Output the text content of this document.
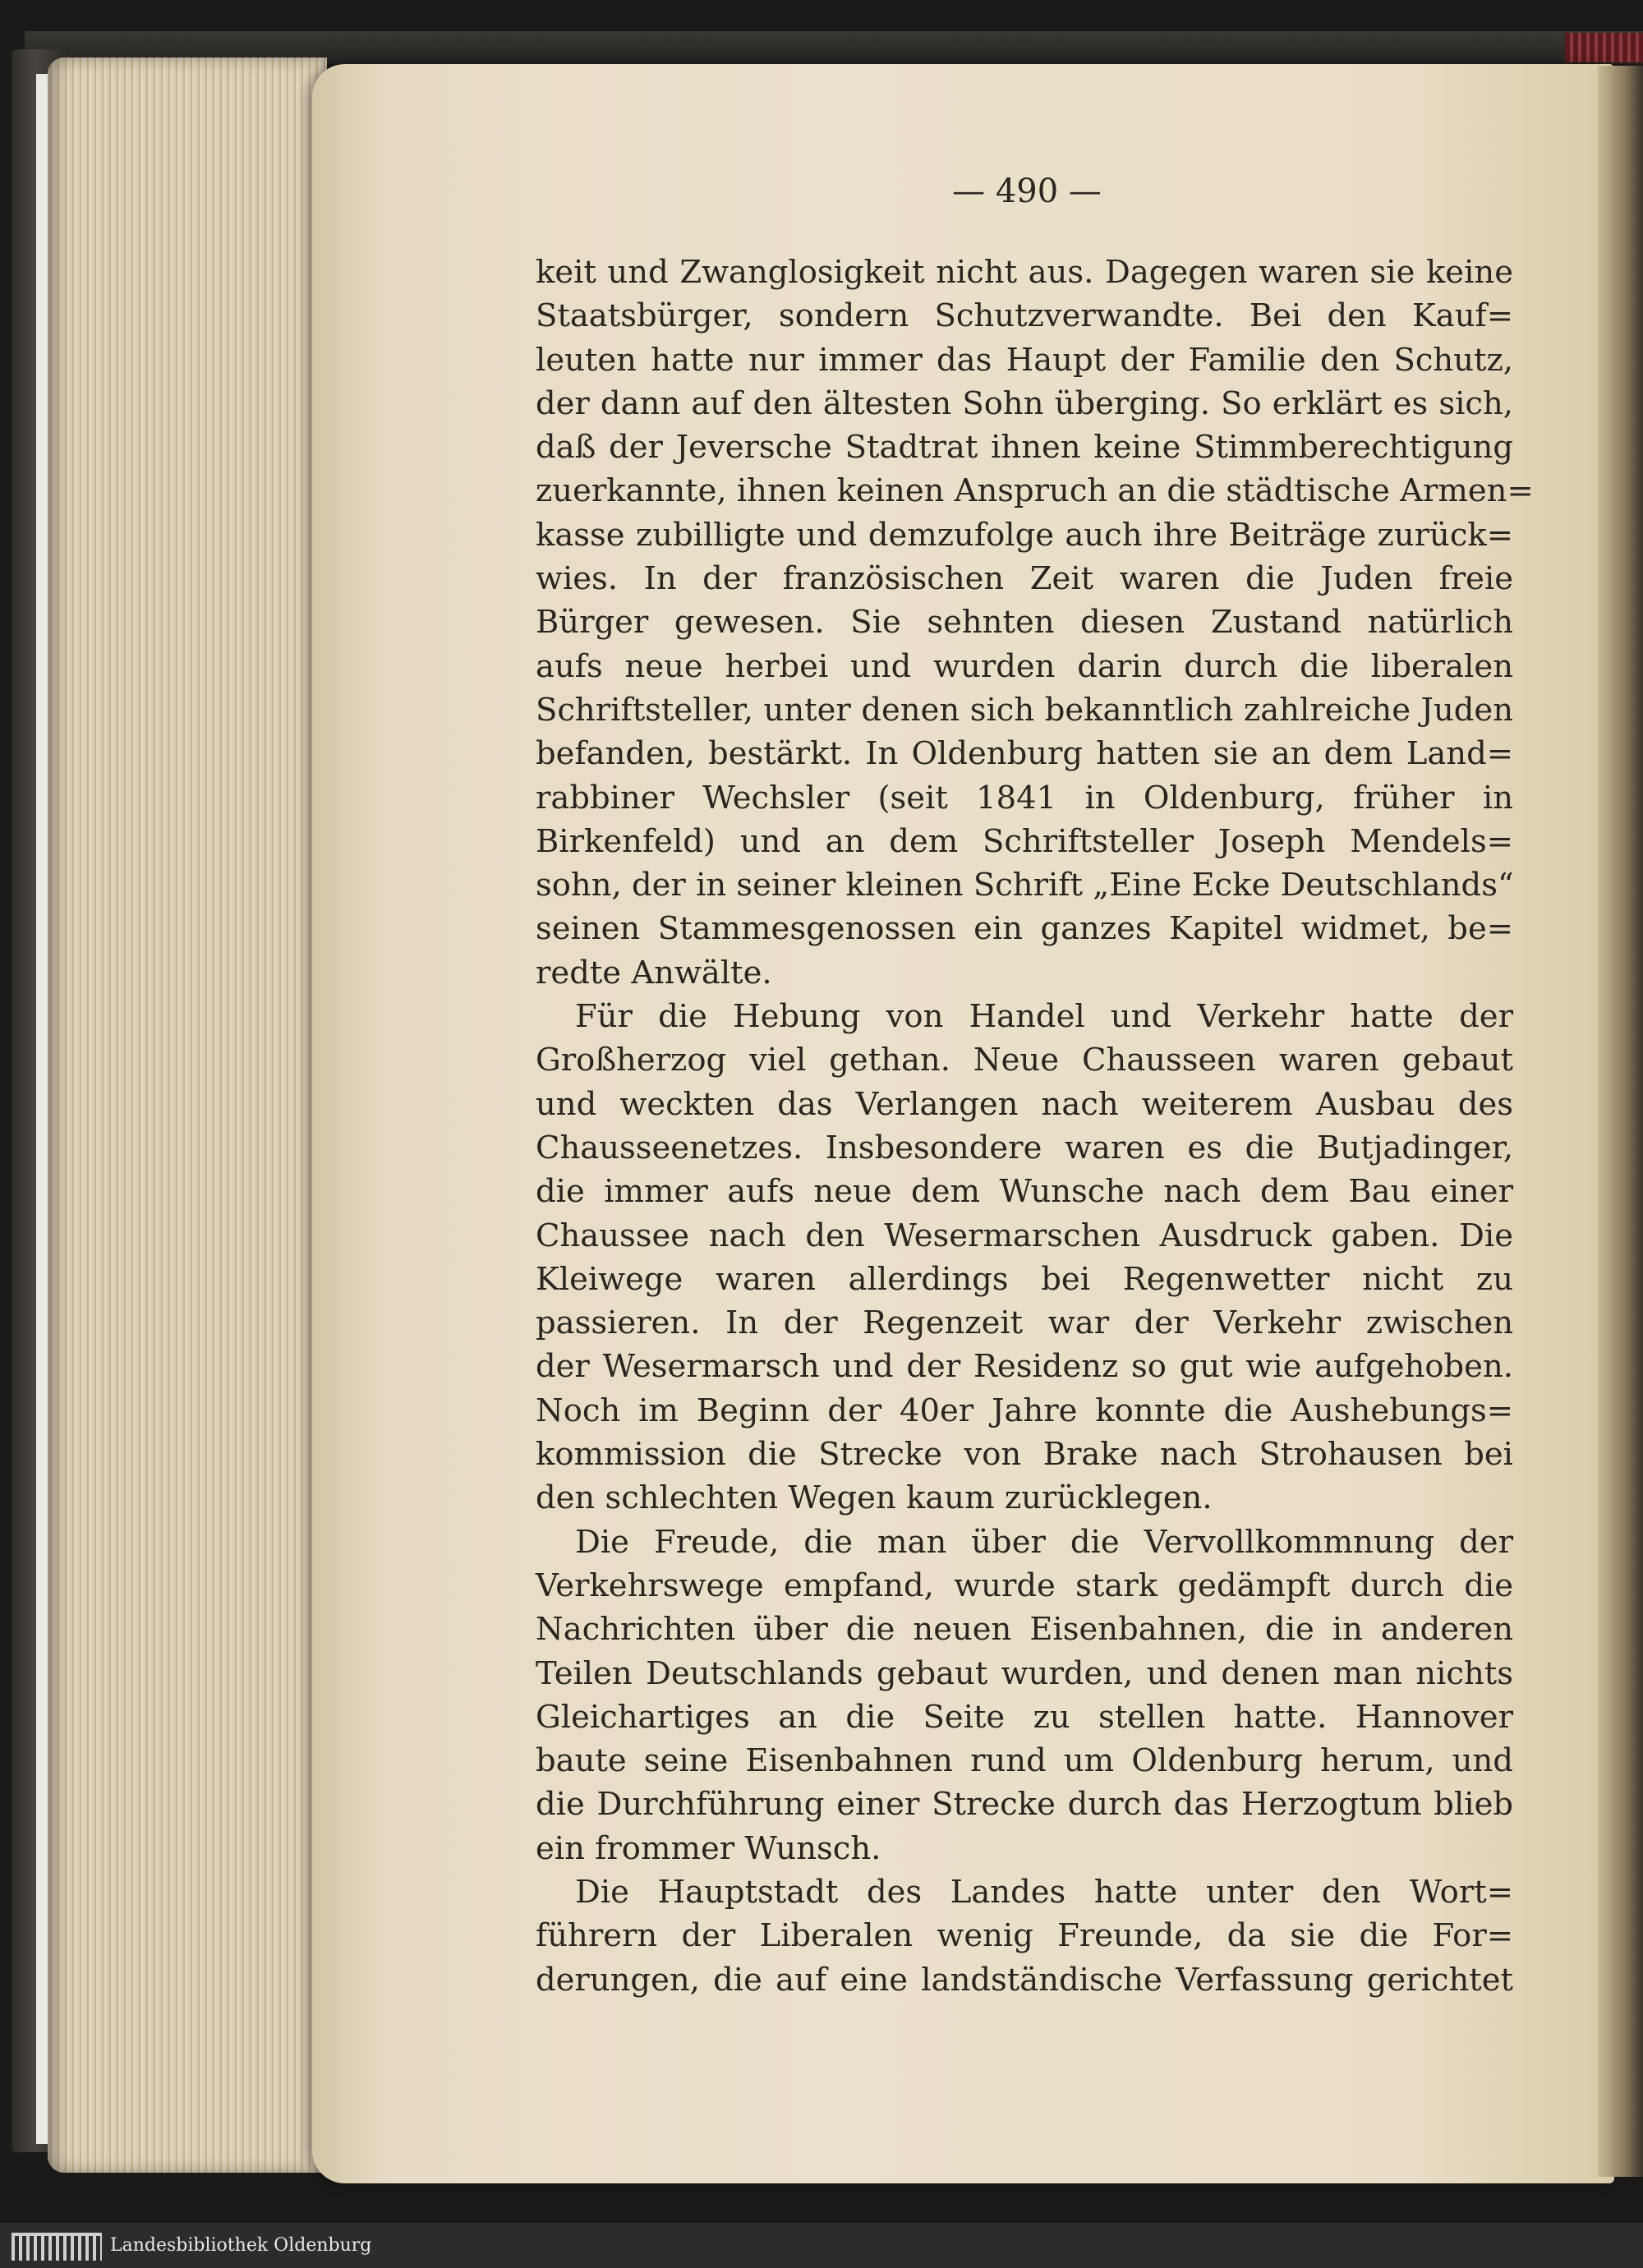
— 490 —
keit und Zwanglosigkeit nicht aus. Dagegen waren sie keine
Staatsbürger, sondern Schutzverwandte. Bei den Kauf=
leuten hatte nur immer das Haupt der Familie den Schutz,
der dann auf den ältesten Sohn überging. So erklärt es sich,
daß der Jeversche Stadtrat ihnen keine Stimmberechtigung
zuerkannte, ihnen keinen Anspruch an die städtische Armen=
kasse zubilligte und demzufolge auch ihre Beiträge zurück=
wies. In der französischen Zeit waren die Juden freie
Bürger gewesen. Sie sehnten diesen Zustand natürlich
aufs neue herbei und wurden darin durch die liberalen
Schriftsteller, unter denen sich bekanntlich zahlreiche Juden
befanden, bestärkt. In Oldenburg hatten sie an dem Land=
rabbiner Wechsler (seit 1841 in Oldenburg, früher in
Birkenfeld) und an dem Schriftsteller Joseph Mendels=
sohn, der in seiner kleinen Schrift „Eine Ecke Deutschlands“
seinen Stammesgenossen ein ganzes Kapitel widmet, be=
redte Anwälte.
Für die Hebung von Handel und Verkehr hatte der
Großherzog viel gethan. Neue Chausseen waren gebaut
und weckten das Verlangen nach weiterem Ausbau des
Chausseenetzes. Insbesondere waren es die Butjadinger,
die immer aufs neue dem Wunsche nach dem Bau einer
Chaussee nach den Wesermarschen Ausdruck gaben. Die
Kleiwege waren allerdings bei Regenwetter nicht zu
passieren. In der Regenzeit war der Verkehr zwischen
der Wesermarsch und der Residenz so gut wie aufgehoben.
Noch im Beginn der 40er Jahre konnte die Aushebungs=
kommission die Strecke von Brake nach Strohausen bei
den schlechten Wegen kaum zurücklegen.
Die Freude, die man über die Vervollkommnung der
Verkehrswege empfand, wurde stark gedämpft durch die
Nachrichten über die neuen Eisenbahnen, die in anderen
Teilen Deutschlands gebaut wurden, und denen man nichts
Gleichartiges an die Seite zu stellen hatte. Hannover
baute seine Eisenbahnen rund um Oldenburg herum, und
die Durchführung einer Strecke durch das Herzogtum blieb
ein frommer Wunsch.
Die Hauptstadt des Landes hatte unter den Wort=
führern der Liberalen wenig Freunde, da sie die For=
derungen, die auf eine landständische Verfassung gerichtet
Landesbibliothek Oldenburg
